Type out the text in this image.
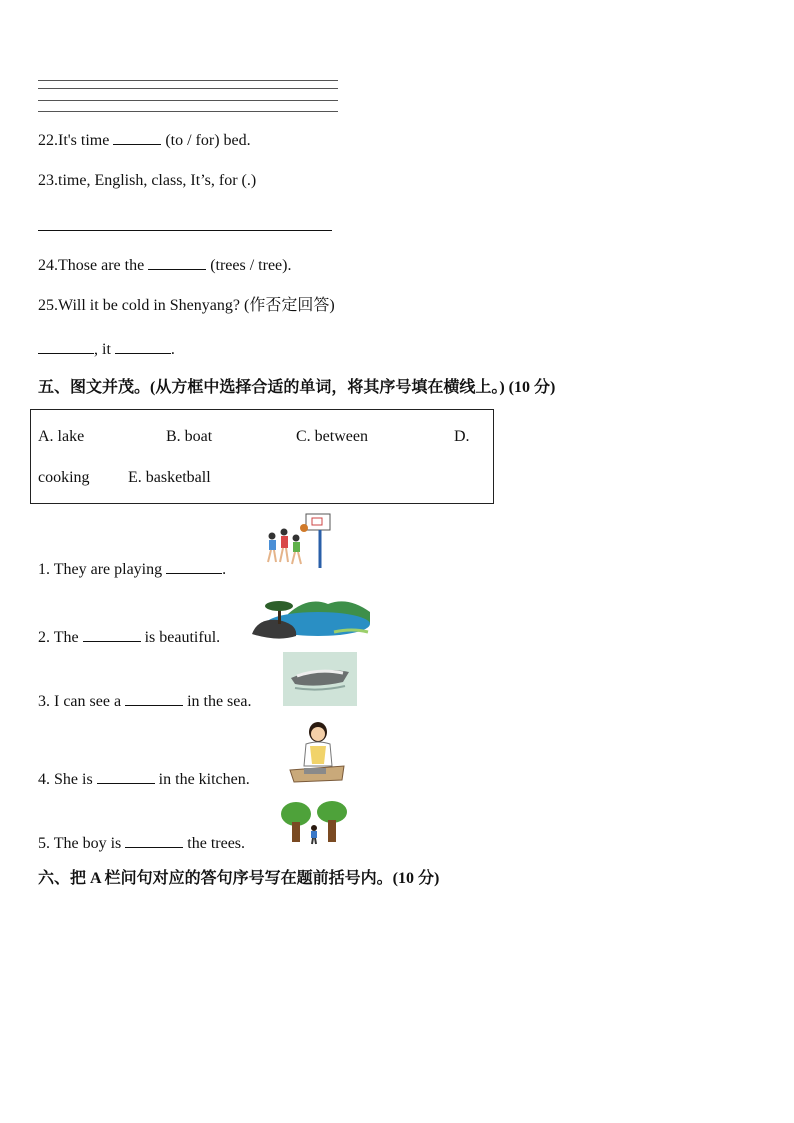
22.It's time	(to / for) bed.
23.time, English, class, It’s, for (.)
24.Those are the	(trees / tree).
25.Will it be cold in Shenyang? (作否定回答)
, it	.
五、图文并茂。(从方框中选择合适的单词，将其序号填在横线上。) (10 分)
A. lake	B. boat	C. between	D.
cooking E. basketball
1. They are playing	.
2. The	is beautiful.
3. I can see a	in the sea.
4. She is	in the kitchen.
5. The boy is	the trees.
六、把 A 栏问句对应的答句序号写在题前括号内。(10 分)
